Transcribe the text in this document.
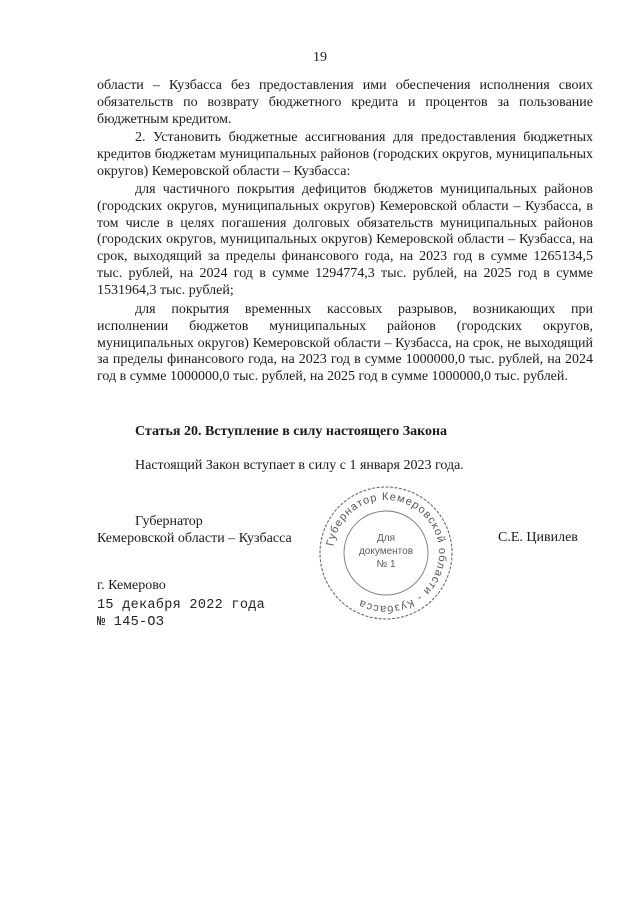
19

области – Кузбасса без предоставления ими обеспечения исполнения своих обязательств по возврату бюджетного кредита и процентов за пользование бюджетным кредитом.

2. Установить бюджетные ассигнования для предоставления бюджетных кредитов бюджетам муниципальных районов (городских округов, муниципальных округов) Кемеровской области – Кузбасса:

для частичного покрытия дефицитов бюджетов муниципальных районов (городских округов, муниципальных округов) Кемеровской области – Кузбасса, в том числе в целях погашения долговых обязательств муниципальных районов (городских округов, муниципальных округов) Кемеровской области – Кузбасса, на срок, выходящий за пределы финансового года, на 2023 год в сумме 1265134,5 тыс. рублей, на 2024 год в сумме 1294774,3 тыс. рублей, на 2025 год в сумме 1531964,3 тыс. рублей;

для покрытия временных кассовых разрывов, возникающих при исполнении бюджетов муниципальных районов (городских округов, муниципальных округов) Кемеровской области – Кузбасса, на срок, не выходящий за пределы финансового года, на 2023 год в сумме 1000000,0 тыс. рублей, на 2024 год в сумме 1000000,0 тыс. рублей, на 2025 год в сумме 1000000,0 тыс. рублей.

Статья 20. Вступление в силу настоящего Закона
Настоящий Закон вступает в силу с 1 января 2023 года.
Губернатор
Кемеровской области – Кузбасса	С.Е. Цивилев
Губернатор Кемеровской области - Кузбасса
Для
документов
№ 1
г. Кемерово
15 декабря 2022 года
№ 145-ОЗ
